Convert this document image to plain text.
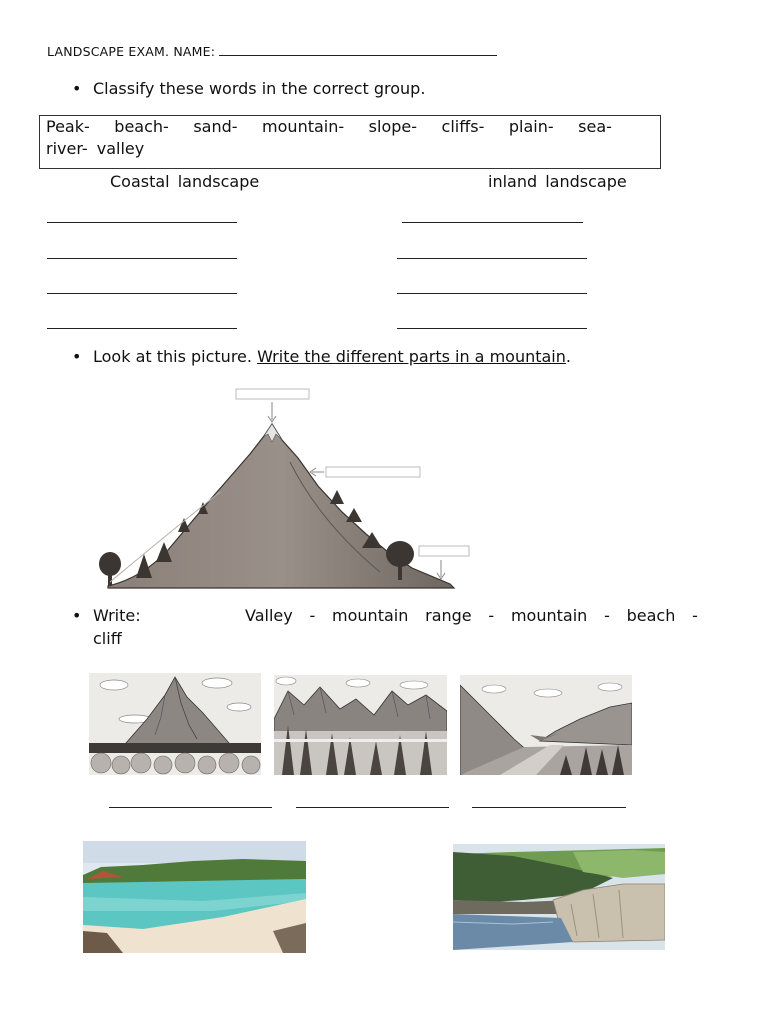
LANDSCAPE EXAM. NAME:
• Classify these words in the correct group.
Peak- beach- sand- mountain- slope- cliffs- plain- sea-
river- valley
Coastal landscape	inland landscape
• Look at this picture. Write the different parts in a mountain.
• Write:	Valley - mountain range - mountain - beach -
cliff
